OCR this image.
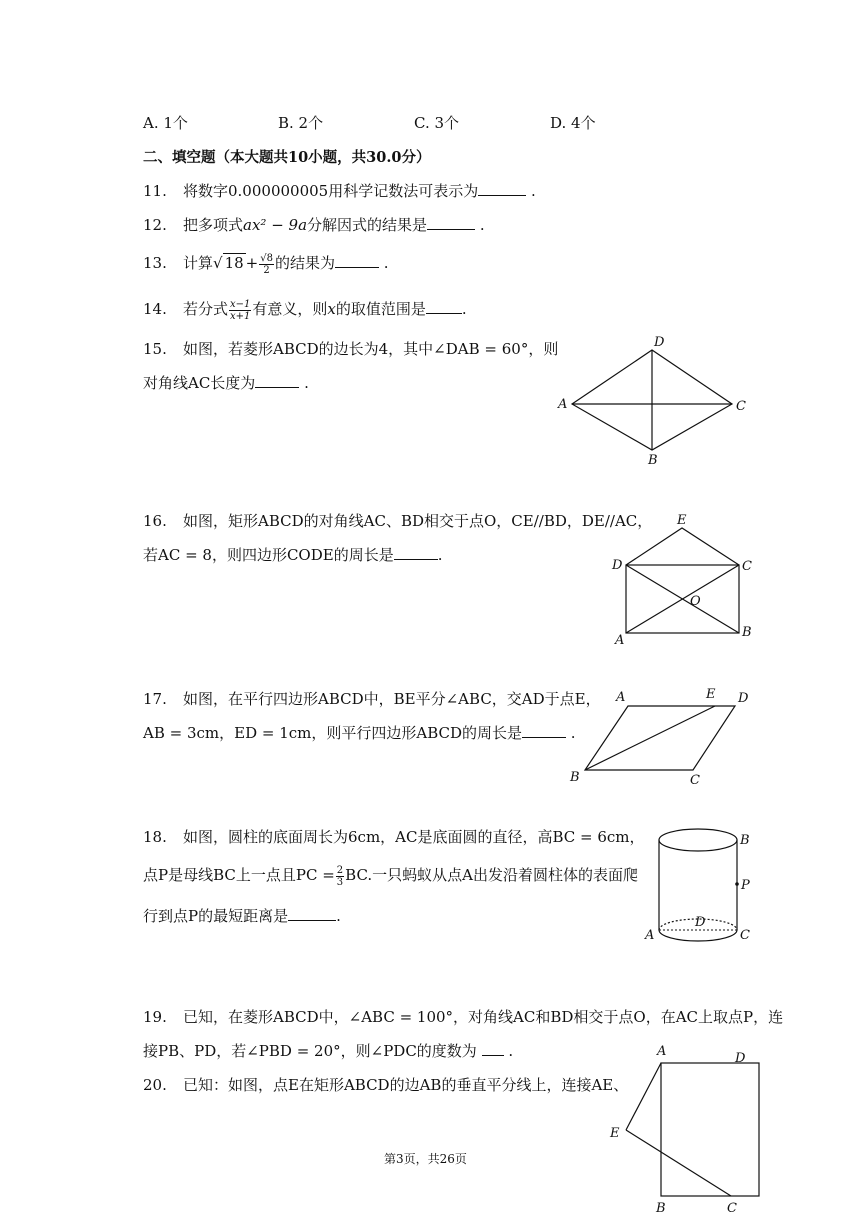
A. 1个	B. 2个	C. 3个	D. 4个
二、填空题（本大题共10小题，共30.0分）
11. 将数字0.000000005用科学记数法可表示为	.
12. 把多项式ax² − 9a分解因式的结果是	.
13. 计算√ $18 + \frac{√8}{2}$ 的结果为	.
14. 若分式 $\frac{x-1}{x+1}$ 有意义，则x的取值范围是 .
15. 如图，若菱形ABCD的边长为4，其中∠DAB = 60°，则
对角线AC长度为	.
A
D
C
B
16. 如图，矩形ABCD的对角线AC、BD相交于点O，CE//BD，DE//AC，
若AC = 8，则四边形CODE的周长是	.
D
E
C
O
A
B
17. 如图，在平行四边形ABCD中，BE平分∠ABC，交AD于点E，
AB = 3cm，ED = 1cm，则平行四边形ABCD的周长是	.
A	E D
B	C
18. 如图，圆柱的底面周长为6cm，AC是底面圆的直径，高BC = 6cm，
点P是母线BC上一点且PC = $\frac{2}{3}$ BC.一只蚂蚁从点A出发沿着圆柱体的表面爬
行到点P的最短距离是	.
B
P
D
A	C
19. 已知，在菱形ABCD中，∠ABC = 100°，对角线AC和BD相交于点O，在AC上取点P，连
接PB、PD，若∠PBD = 20°，则∠PDC的度数为 .
20. 已知：如图，点E在矩形ABCD的边AB的垂直平分线上，连接AE、
A	D
E
B	C
第3页，共26页
